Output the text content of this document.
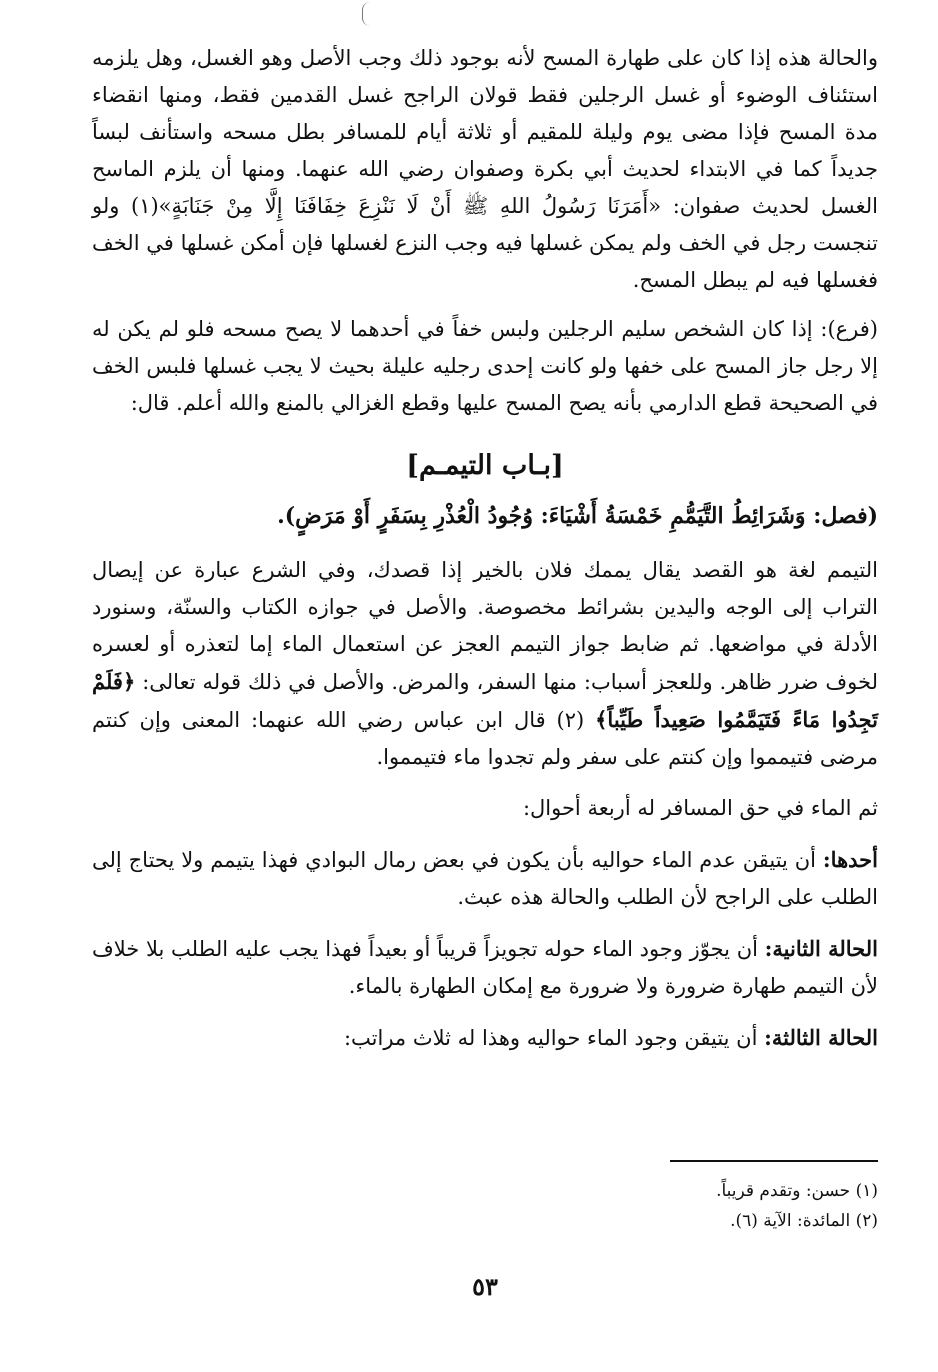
والحالة هذه إذا كان على طهارة المسح لأنه بوجود ذلك وجب الأصل وهو الغسل، وهل يلزمه استئناف الوضوء أو غسل الرجلين فقط قولان الراجح غسل القدمين فقط، ومنها انقضاء مدة المسح فإذا مضى يوم وليلة للمقيم أو ثلاثة أيام للمسافر بطل مسحه واستأنف لبساً جديداً كما في الابتداء لحديث أبي بكرة وصفوان رضي الله عنهما. ومنها أن يلزم الماسح الغسل لحديث صفوان: «أَمَرَنَا رَسُولُ اللهِ ﷺ أَنْ لَا نَنْزِعَ خِفَافَنَا إِلَّا مِنْ جَنَابَةٍ»(١) ولو تنجست رجل في الخف ولم يمكن غسلها فيه وجب النزع لغسلها فإن أمكن غسلها في الخف فغسلها فيه لم يبطل المسح.

(فرع): إذا كان الشخص سليم الرجلين ولبس خفاً في أحدهما لا يصح مسحه فلو لم يكن له إلا رجل جاز المسح على خفها ولو كانت إحدى رجليه عليلة بحيث لا يجب غسلها فلبس الخف في الصحيحة قطع الدارمي بأنه يصح المسح عليها وقطع الغزالي بالمنع والله أعلم. قال:

[بـاب التيمـم]

(فصل: وَشَرَائِطُ التَّيَمُّمِ خَمْسَةُ أَشْيَاءَ: وُجُودُ الْعُذْرِ بِسَفَرٍ أَوْ مَرَضٍ).

التيمم لغة هو القصد يقال يممك فلان بالخير إذا قصدك، وفي الشرع عبارة عن إيصال التراب إلى الوجه واليدين بشرائط مخصوصة. والأصل في جوازه الكتاب والسنّة، وسنورد الأدلة في مواضعها. ثم ضابط جواز التيمم العجز عن استعمال الماء إما لتعذره أو لعسره لخوف ضرر ظاهر. وللعجز أسباب: منها السفر، والمرض. والأصل في ذلك قوله تعالى: ﴿فَلَمْ تَجِدُوا مَاءً فَتَيَمَّمُوا صَعِيداً طَيِّباً﴾ (٢) قال ابن عباس رضي الله عنهما: المعنى وإن كنتم مرضى فتيمموا وإن كنتم على سفر ولم تجدوا ماء فتيمموا.

ثم الماء في حق المسافر له أربعة أحوال:

أحدها: أن يتيقن عدم الماء حواليه بأن يكون في بعض رمال البوادي فهذا يتيمم ولا يحتاج إلى الطلب على الراجح لأن الطلب والحالة هذه عبث.

الحالة الثانية: أن يجوّز وجود الماء حوله تجويزاً قريباً أو بعيداً فهذا يجب عليه الطلب بلا خلاف لأن التيمم طهارة ضرورة ولا ضرورة مع إمكان الطهارة بالماء.

الحالة الثالثة: أن يتيقن وجود الماء حواليه وهذا له ثلاث مراتب:

(١) حسن: وتقدم قريباً.

(٢) المائدة: الآية (٦).

٥٣
